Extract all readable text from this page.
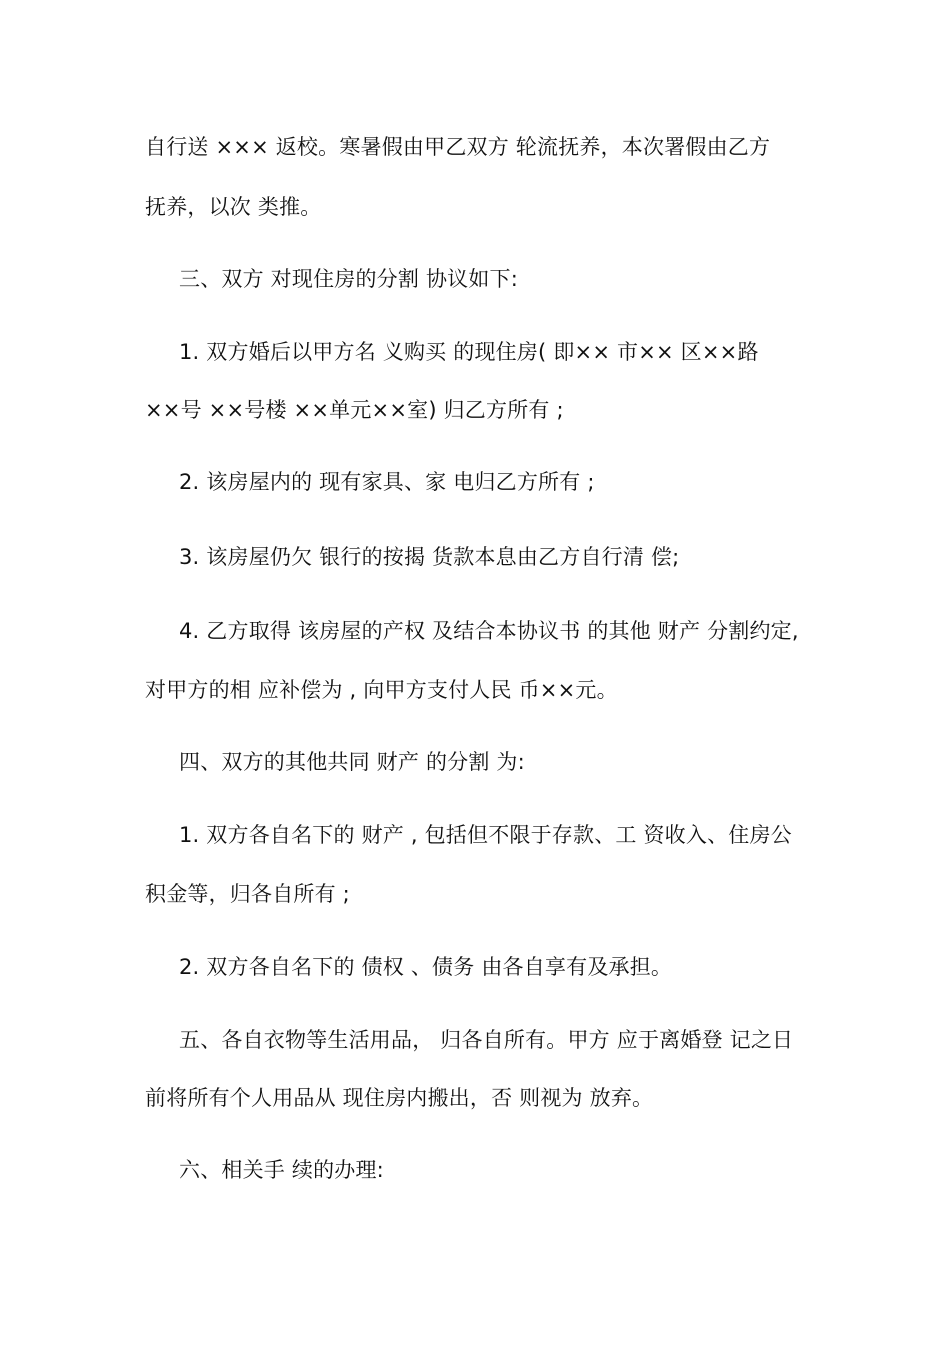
自行送 ××× 返校。寒暑假由甲乙双方 轮流抚养，本次署假由乙方
抚养，以次 类推。
三、双方 对现住房的分割 协议如下:
1. 双方婚后以甲方名 义购买 的现住房( 即×× 市×× 区××路
××号 ××号楼 ××单元××室) 归乙方所有 ;
2. 该房屋内的 现有家具、家 电归乙方所有 ;
3. 该房屋仍欠 银行的按揭 货款本息由乙方自行清 偿;
4. 乙方取得 该房屋的产权 及结合本协议书 的其他 财产 分割约定,
对甲方的相 应补偿为 , 向甲方支付人民 币××元。
四、双方的其他共同 财产 的分割 为:
1. 双方各自名下的 财产 , 包括但不限于存款、工 资收入、住房公
积金等，归各自所有 ;
2. 双方各自名下的 债权 、债务 由各自享有及承担。
五、各自衣物等生活用品， 归各自所有。甲方 应于离婚登 记之日
前将所有个人用品从 现住房内搬出，否 则视为 放弃。
六、相关手 续的办理:
